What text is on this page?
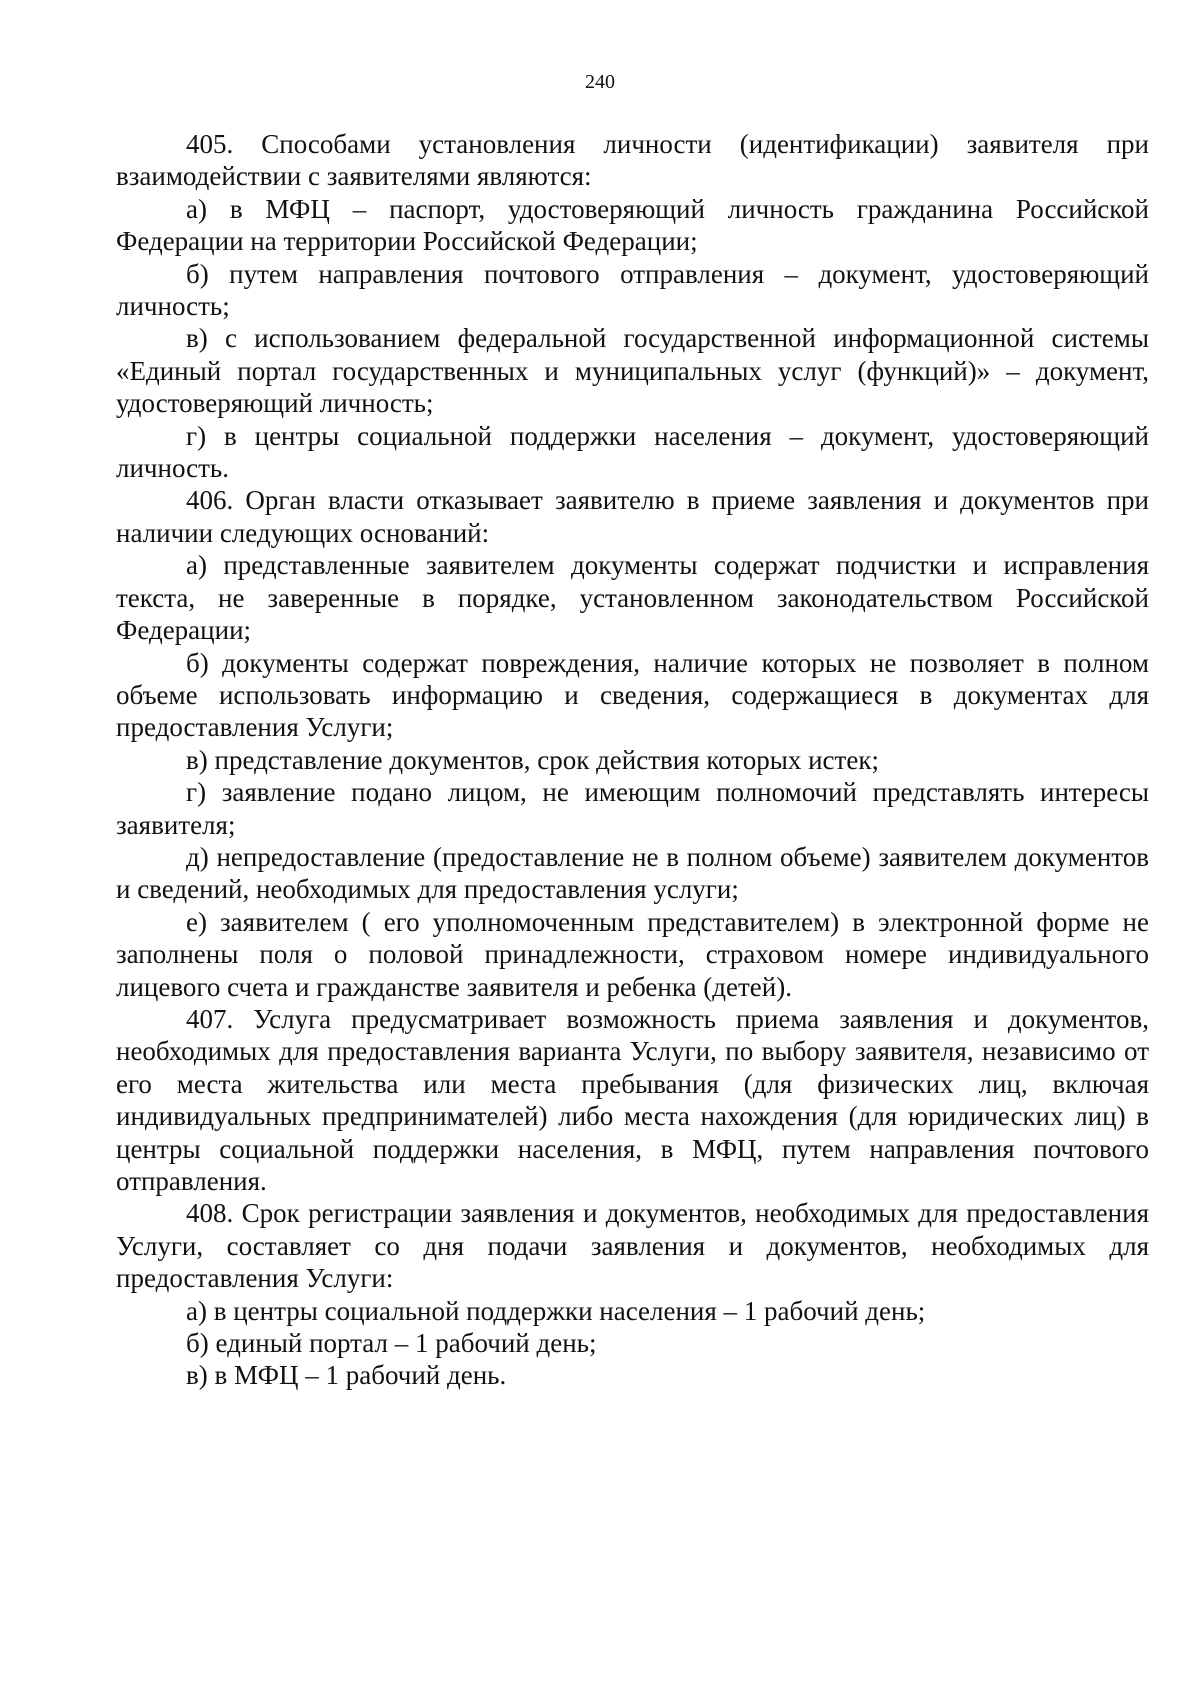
240

405. Способами установления личности (идентификации) заявителя при взаимодействии с заявителями являются:

а) в МФЦ – паспорт, удостоверяющий личность гражданина Российской Федерации на территории Российской Федерации;

б) путем направления почтового отправления – документ, удостоверяющий личность;

в) с использованием федеральной государственной информационной системы «Единый портал государственных и муниципальных услуг (функций)» – документ, удостоверяющий личность;

г) в центры социальной поддержки населения – документ, удостоверяющий личность.

406. Орган власти отказывает заявителю в приеме заявления и документов при наличии следующих оснований:

а) представленные заявителем документы содержат подчистки и исправления текста, не заверенные в порядке, установленном законодательством Российской Федерации;

б) документы содержат повреждения, наличие которых не позволяет в полном объеме использовать информацию и сведения, содержащиеся в документах для предоставления Услуги;

в) представление документов, срок действия которых истек;

г) заявление подано лицом, не имеющим полномочий представлять интересы заявителя;

д) непредоставление (предоставление не в полном объеме) заявителем документов и сведений, необходимых для предоставления услуги;

е) заявителем ( его уполномоченным представителем) в электронной форме не заполнены поля о половой принадлежности, страховом номере индивидуального лицевого счета и гражданстве заявителя и ребенка (детей).

407. Услуга предусматривает возможность приема заявления и документов, необходимых для предоставления варианта Услуги, по выбору заявителя, независимо от его места жительства или места пребывания (для физических лиц, включая индивидуальных предпринимателей) либо места нахождения (для юридических лиц) в центры социальной поддержки населения, в МФЦ, путем направления почтового отправления.

408. Срок регистрации заявления и документов, необходимых для предоставления Услуги, составляет со дня подачи заявления и документов, необходимых для предоставления Услуги:

а) в центры социальной поддержки населения – 1 рабочий день;

б) единый портал – 1 рабочий день;

в) в МФЦ – 1 рабочий день.
